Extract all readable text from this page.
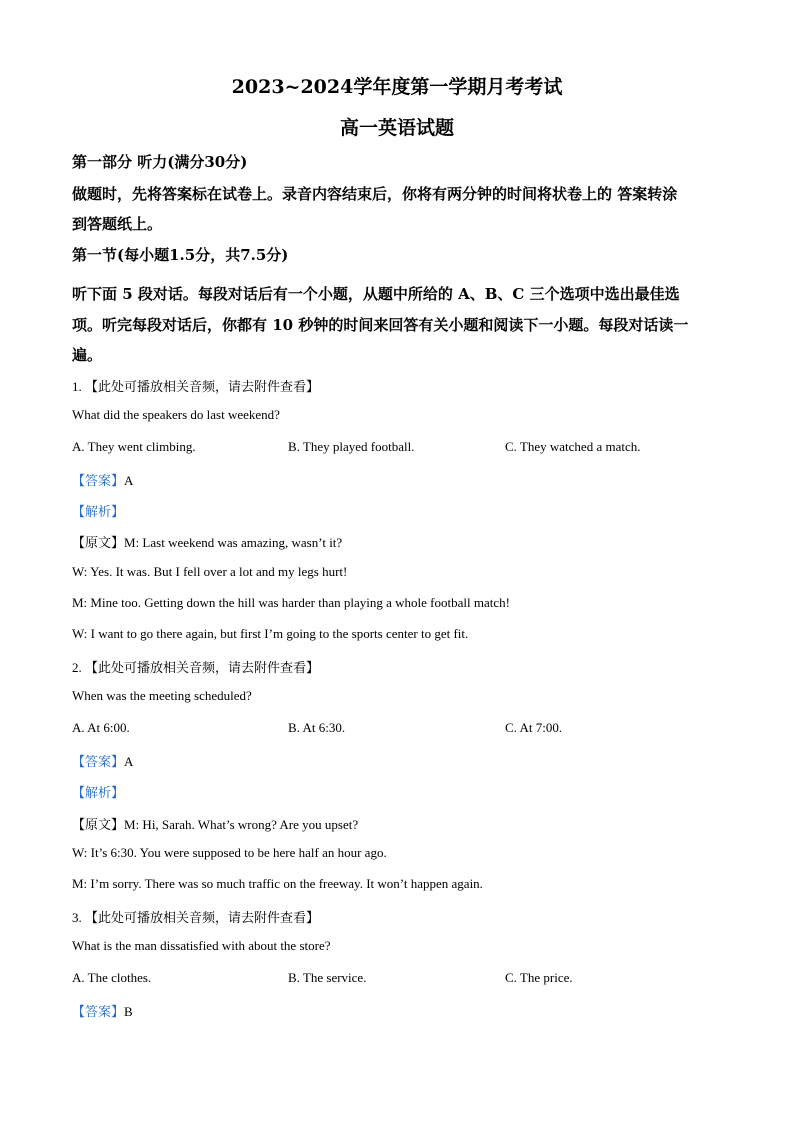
2023~2024学年度第一学期月考考试
高一英语试题
第一部分 听力(满分30分)
做题时，先将答案标在试卷上。录音内容结束后，你将有两分钟的时间将状卷上的 答案转涂
到答题纸上。
第一节(每小题1.5分，共7.5分)
听下面 5 段对话。每段对话后有一个小题，从题中所给的 A、B、C 三个选项中选出最佳选
项。听完每段对话后，你都有 10 秒钟的时间来回答有关小题和阅读下一小题。每段对话读一
遍。
1. 【此处可播放相关音频，请去附件查看】
What did the speakers do last weekend?
A. They went climbing.	B. They played football.	C. They watched a match.
【答案】A
【解析】
【原文】M: Last weekend was amazing, wasn’t it?
W: Yes. It was. But I fell over a lot and my legs hurt!
M: Mine too. Getting down the hill was harder than playing a whole football match!
W: I want to go there again, but first I’m going to the sports center to get fit.
2. 【此处可播放相关音频，请去附件查看】
When was the meeting scheduled?
A. At 6:00.	B. At 6:30.	C. At 7:00.
【答案】A
【解析】
【原文】M: Hi, Sarah. What’s wrong? Are you upset?
W: It’s 6:30. You were supposed to be here half an hour ago.
M: I’m sorry. There was so much traffic on the freeway. It won’t happen again.
3. 【此处可播放相关音频，请去附件查看】
What is the man dissatisfied with about the store?
A. The clothes.	B. The service.	C. The price.
【答案】B
